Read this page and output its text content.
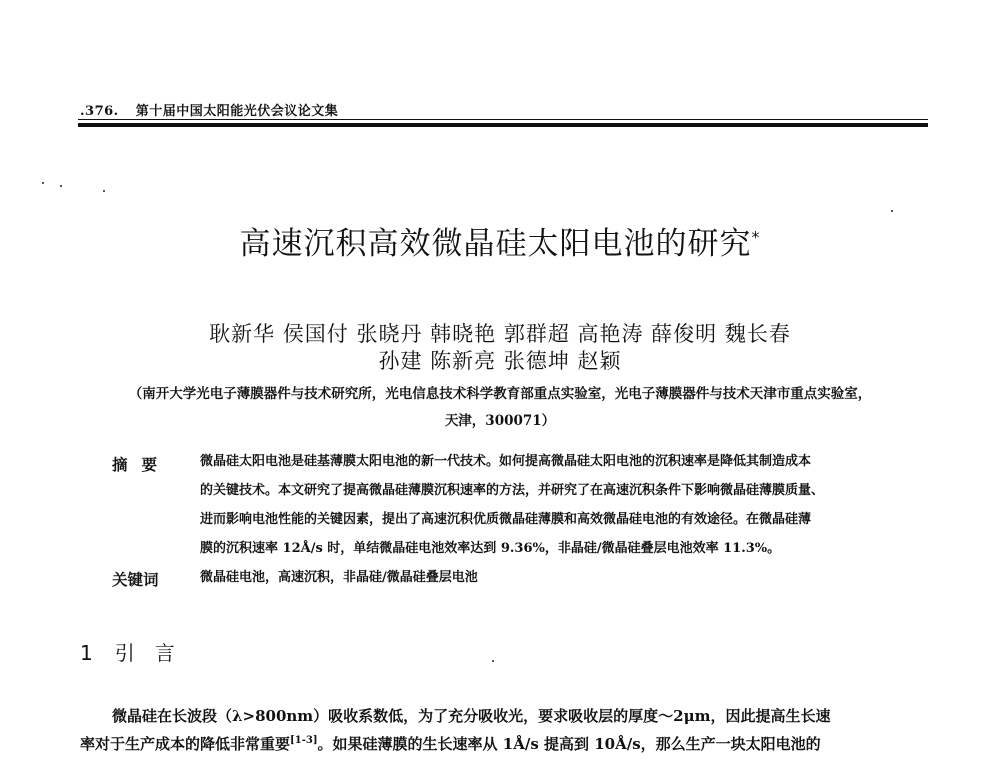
.376. 第十届中国太阳能光伏会议论文集
高速沉积高效微晶硅太阳电池的研究*
耿新华 侯国付 张晓丹 韩晓艳 郭群超 高艳涛 薛俊明 魏长春
孙建 陈新亮 张德坤 赵颖
（南开大学光电子薄膜器件与技术研究所，光电信息技术科学教育部重点实验室，光电子薄膜器件与技术天津市重点实验室，
天津，300071）
摘要 微晶硅太阳电池是硅基薄膜太阳电池的新一代技术。如何提高微晶硅太阳电池的沉积速率是降低其制造成本
的关键技术。本文研究了提高微晶硅薄膜沉积速率的方法，并研究了在高速沉积条件下影响微晶硅薄膜质量、
进而影响电池性能的关键因素，提出了高速沉积优质微晶硅薄膜和高效微晶硅电池的有效途径。在微晶硅薄
膜的沉积速率 12Å/s 时，单结微晶硅电池效率达到 9.36%，非晶硅/微晶硅叠层电池效率 11.3%。
关键词	微晶硅电池，高速沉积，非晶硅/微晶硅叠层电池
1 引　言
微晶硅在长波段（λ>800nm）吸收系数低，为了充分吸收光，要求吸收层的厚度～2μm，因此提高生长速
率对于生产成本的降低非常重要[1-3]。如果硅薄膜的生长速率从 1Å/s 提高到 10Å/s，那么生产一块太阳电池的
